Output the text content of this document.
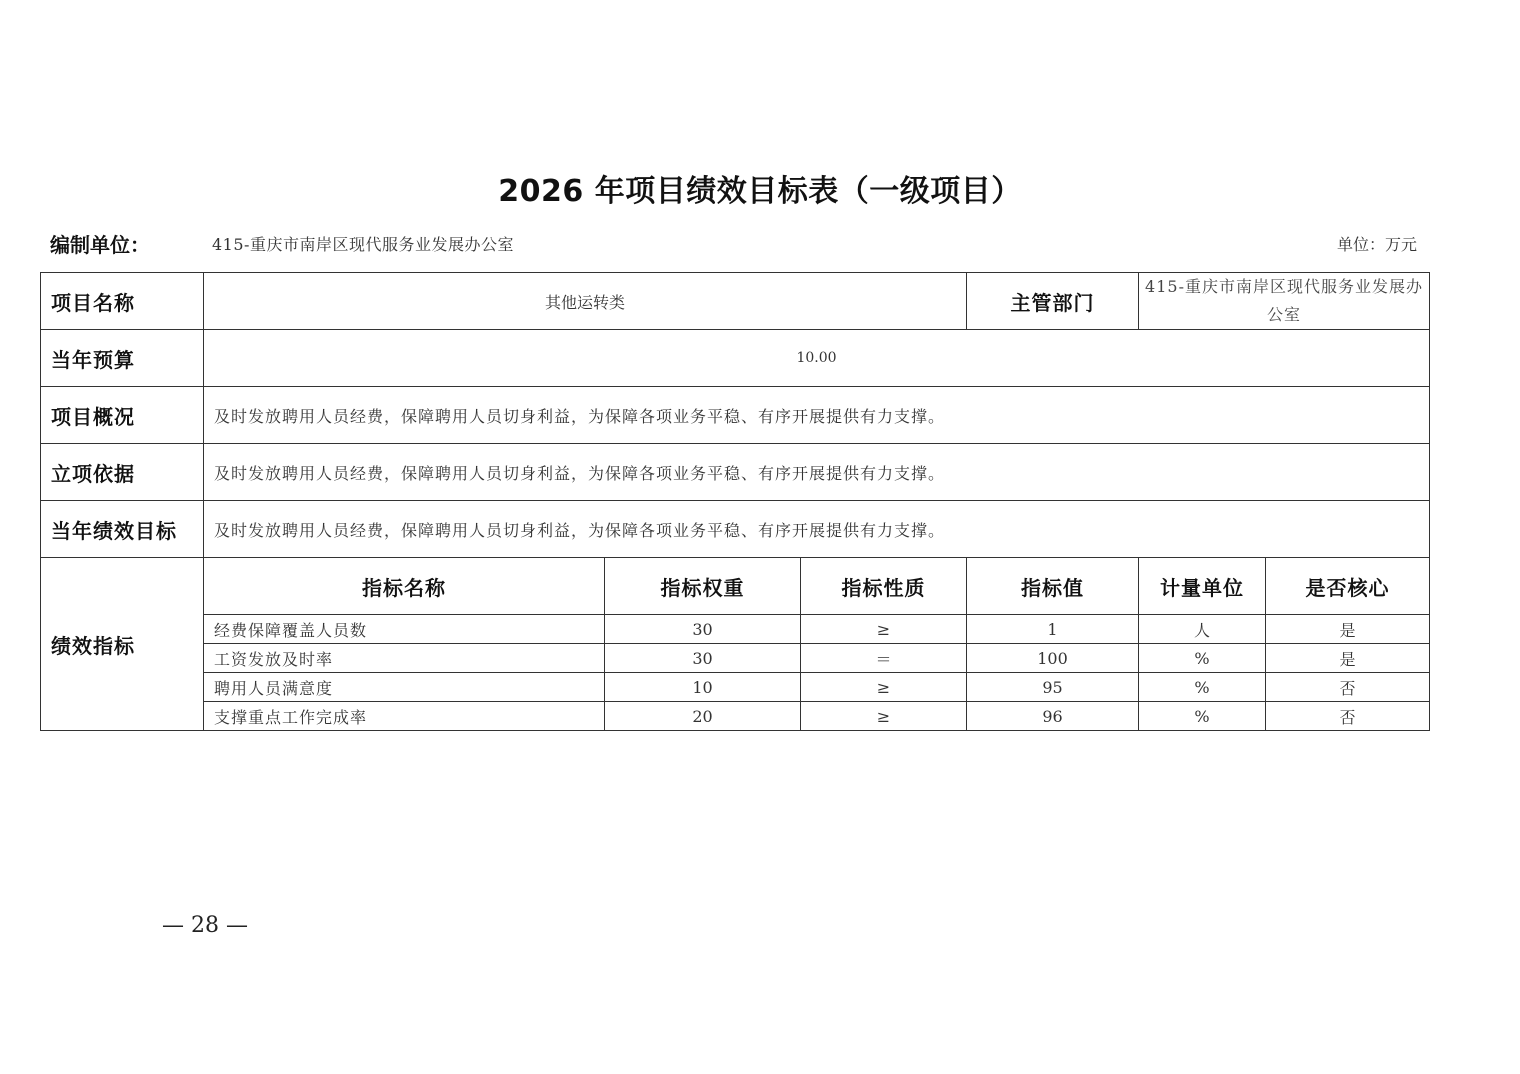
2026 年项目绩效目标表（一级项目）
编制单位：	415-重庆市南岸区现代服务业发展办公室	单位：万元
项目名称	其他运转类			主管部门	415-重庆市南岸区现代服务业发展办公室	
当年预算	10.00					
项目概况	及时发放聘用人员经费，保障聘用人员切身利益，为保障各项业务平稳、有序开展提供有力支撑。					
立项依据	及时发放聘用人员经费，保障聘用人员切身利益，为保障各项业务平稳、有序开展提供有力支撑。					
当年绩效目标	及时发放聘用人员经费，保障聘用人员切身利益，为保障各项业务平稳、有序开展提供有力支撑。					
绩效指标	指标名称	指标权重	指标性质	指标值	计量单位	是否核心
	经费保障覆盖人员数	30	≥	1	人	是
	工资发放及时率	30	＝	100	%	是
	聘用人员满意度	10	≥	95	%	否
	支撑重点工作完成率	20	≥	96	%	否
— 28 —
